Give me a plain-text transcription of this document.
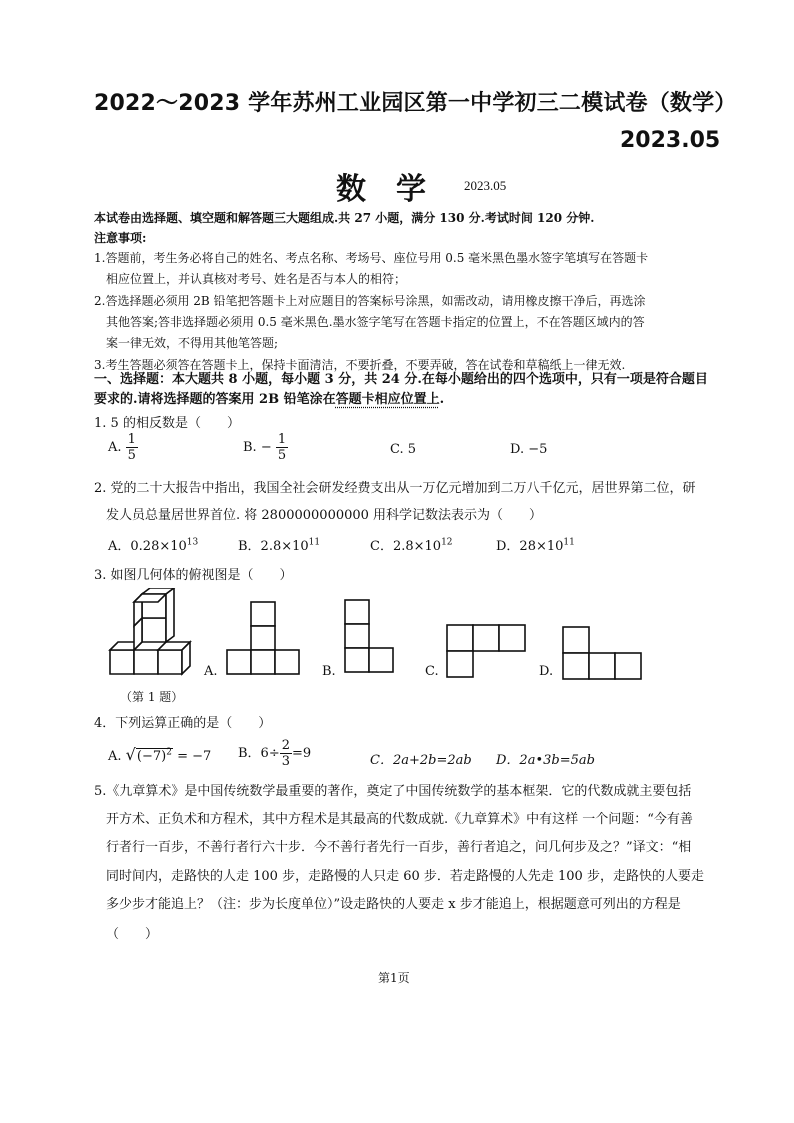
2022～2023 学年苏州工业园区第一中学初三二模试卷（数学）
2023.05
数学 2023.05
本试卷由选择题、填空题和解答题三大题组成.共 27 小题，满分 130 分.考试时间 120 分钟.
注意事项:
1.答题前，考生务必将自己的姓名、考点名称、考场号、座位号用 0.5 毫米黑色墨水签字笔填写在答题卡
相应位置上，并认真核对考号、姓名是否与本人的相符；
2.答选择题必须用 2B 铅笔把答题卡上对应题目的答案标号涂黑，如需改动，请用橡皮擦干净后，再选涂
其他答案;答非选择题必须用 0.5 毫米黑色.墨水签字笔写在答题卡指定的位置上，不在答题区域内的答
案一律无效，不得用其他笔答题;
3.考生答题必须答在答题卡上，保持卡面清洁，不要折叠，不要弄破，答在试卷和草稿纸上一律无效.
一、选择题：本大题共 8 小题，每小题 3 分，共 24 分.在每小题给出的四个选项中，只有一项是符合题目
要求的.请将选择题的答案用 2B 铅笔涂在答题卡相应位置上.
1. 5 的相反数是（　　）
A. $\frac{1}{5}$	B. − $\frac{1}{5}$	C. 5	D. −5
2. 党的二十大报告中指出，我国全社会研发经费支出从一万亿元增加到二万八千亿元，居世界第二位，研
发人员总量居世界首位. 将 2800000000000 用科学记数法表示为（　　）
A．$0.28\times 10^{13}$	B．$2.8\times 10^{11}$	C．$2.8\times 10^{12}$	D．$28\times 10^{11}$
3. 如图几何体的俯视图是（　　）
（第 1 题）
A.	B.	C.	D.
4．下列运算正确的是（　　）
A. $√(-7)^2 = -7$ B．$6\div \frac{2}{3} =9$	C．2a+2b=2ab D．2a•3b=5ab
5.《九章算术》是中国传统数学最重要的著作，奠定了中国传统数学的基本框架．它的代数成就主要包括
开方术、正负术和方程术，其中方程术是其最高的代数成就.《九章算术》中有这样 一个问题：“今有善
行者行一百步，不善行者行六十步．今不善行者先行一百步，善行者追之，问几何步及之？”译文：“相
同时间内，走路快的人走 100 步，走路慢的人只走 60 步．若走路慢的人先走 100 步，走路快的人要走
多少步才能追上？（注：步为长度单位）”设走路快的人要走 x 步才能追上，根据题意可列出的方程是
（　　）
第1页
